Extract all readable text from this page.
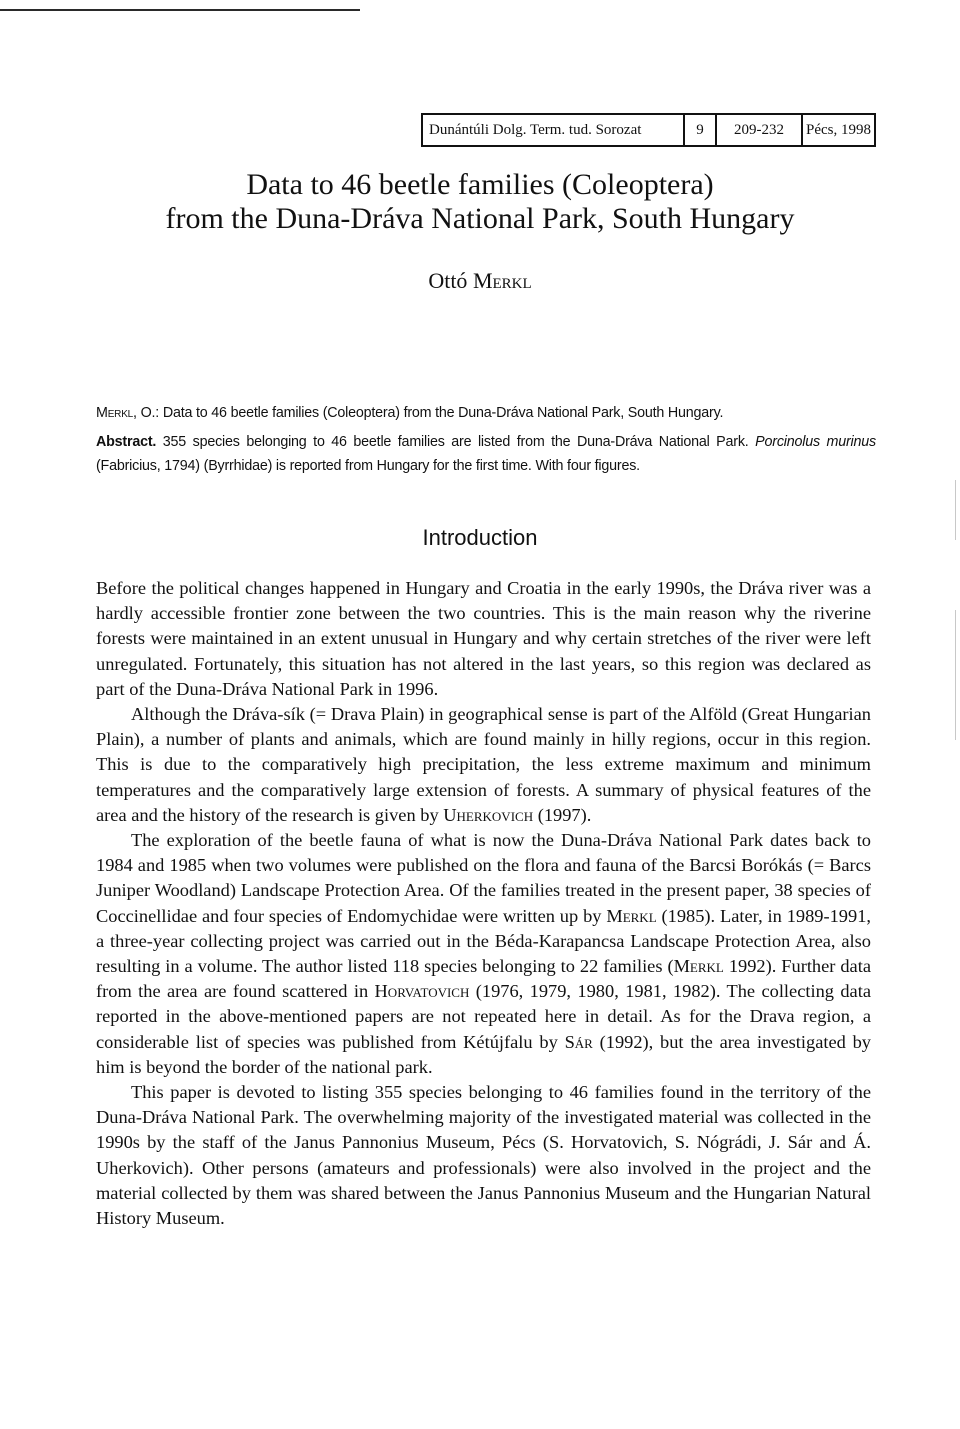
Dunántúli Dolg. Term. tud. Sorozat	9	209-232	Pécs, 1998
Data to 46 beetle families (Coleoptera)
from the Duna-Dráva National Park, South Hungary
Ottó Merkl
Merkl, O.: Data to 46 beetle families (Coleoptera) from the Duna-Dráva National Park, South Hungary.
Abstract. 355 species belonging to 46 beetle families are listed from the Duna-Dráva National Park. Porcinolus murinus (Fabricius, 1794) (Byrrhidae) is reported from Hungary for the first time. With four figures.
Introduction

Before the political changes happened in Hungary and Croatia in the early 1990s, the Dráva river was a hardly accessible frontier zone between the two countries. This is the main reason why the riverine forests were maintained in an extent unusual in Hungary and why certain stretches of the river were left unregulated. Fortunately, this situation has not altered in the last years, so this region was declared as part of the Duna-Dráva National Park in 1996.

Although the Dráva-sík (= Drava Plain) in geographical sense is part of the Alföld (Great Hungarian Plain), a number of plants and animals, which are found mainly in hilly regions, occur in this region. This is due to the comparatively high precipitation, the less extreme maximum and minimum temperatures and the comparatively large extension of forests. A summary of physical features of the area and the history of the research is given by Uherkovich (1997).

The exploration of the beetle fauna of what is now the Duna-Dráva National Park dates back to 1984 and 1985 when two volumes were published on the flora and fauna of the Barcsi Borókás (= Barcs Juniper Woodland) Landscape Protection Area. Of the families treated in the present paper, 38 species of Coccinellidae and four species of Endomychidae were written up by Merkl (1985). Later, in 1989-1991, a three-year collecting project was carried out in the Béda-Karapancsa Landscape Protection Area, also resulting in a volume. The author listed 118 species belonging to 22 families (Merkl 1992). Further data from the area are found scattered in Horvatovich (1976, 1979, 1980, 1981, 1982). The collecting data reported in the above-mentioned papers are not repeated here in detail. As for the Drava region, a considerable list of species was published from Kétújfalu by Sár (1992), but the area investigated by him is beyond the border of the national park.

This paper is devoted to listing 355 species belonging to 46 families found in the territory of the Duna-Dráva National Park. The overwhelming majority of the investigated material was collected in the 1990s by the staff of the Janus Pannonius Museum, Pécs (S. Horvatovich, S. Nógrádi, J. Sár and Á. Uherkovich). Other persons (amateurs and professionals) were also involved in the project and the material collected by them was shared between the Janus Pannonius Museum and the Hungarian Natural History Museum.
